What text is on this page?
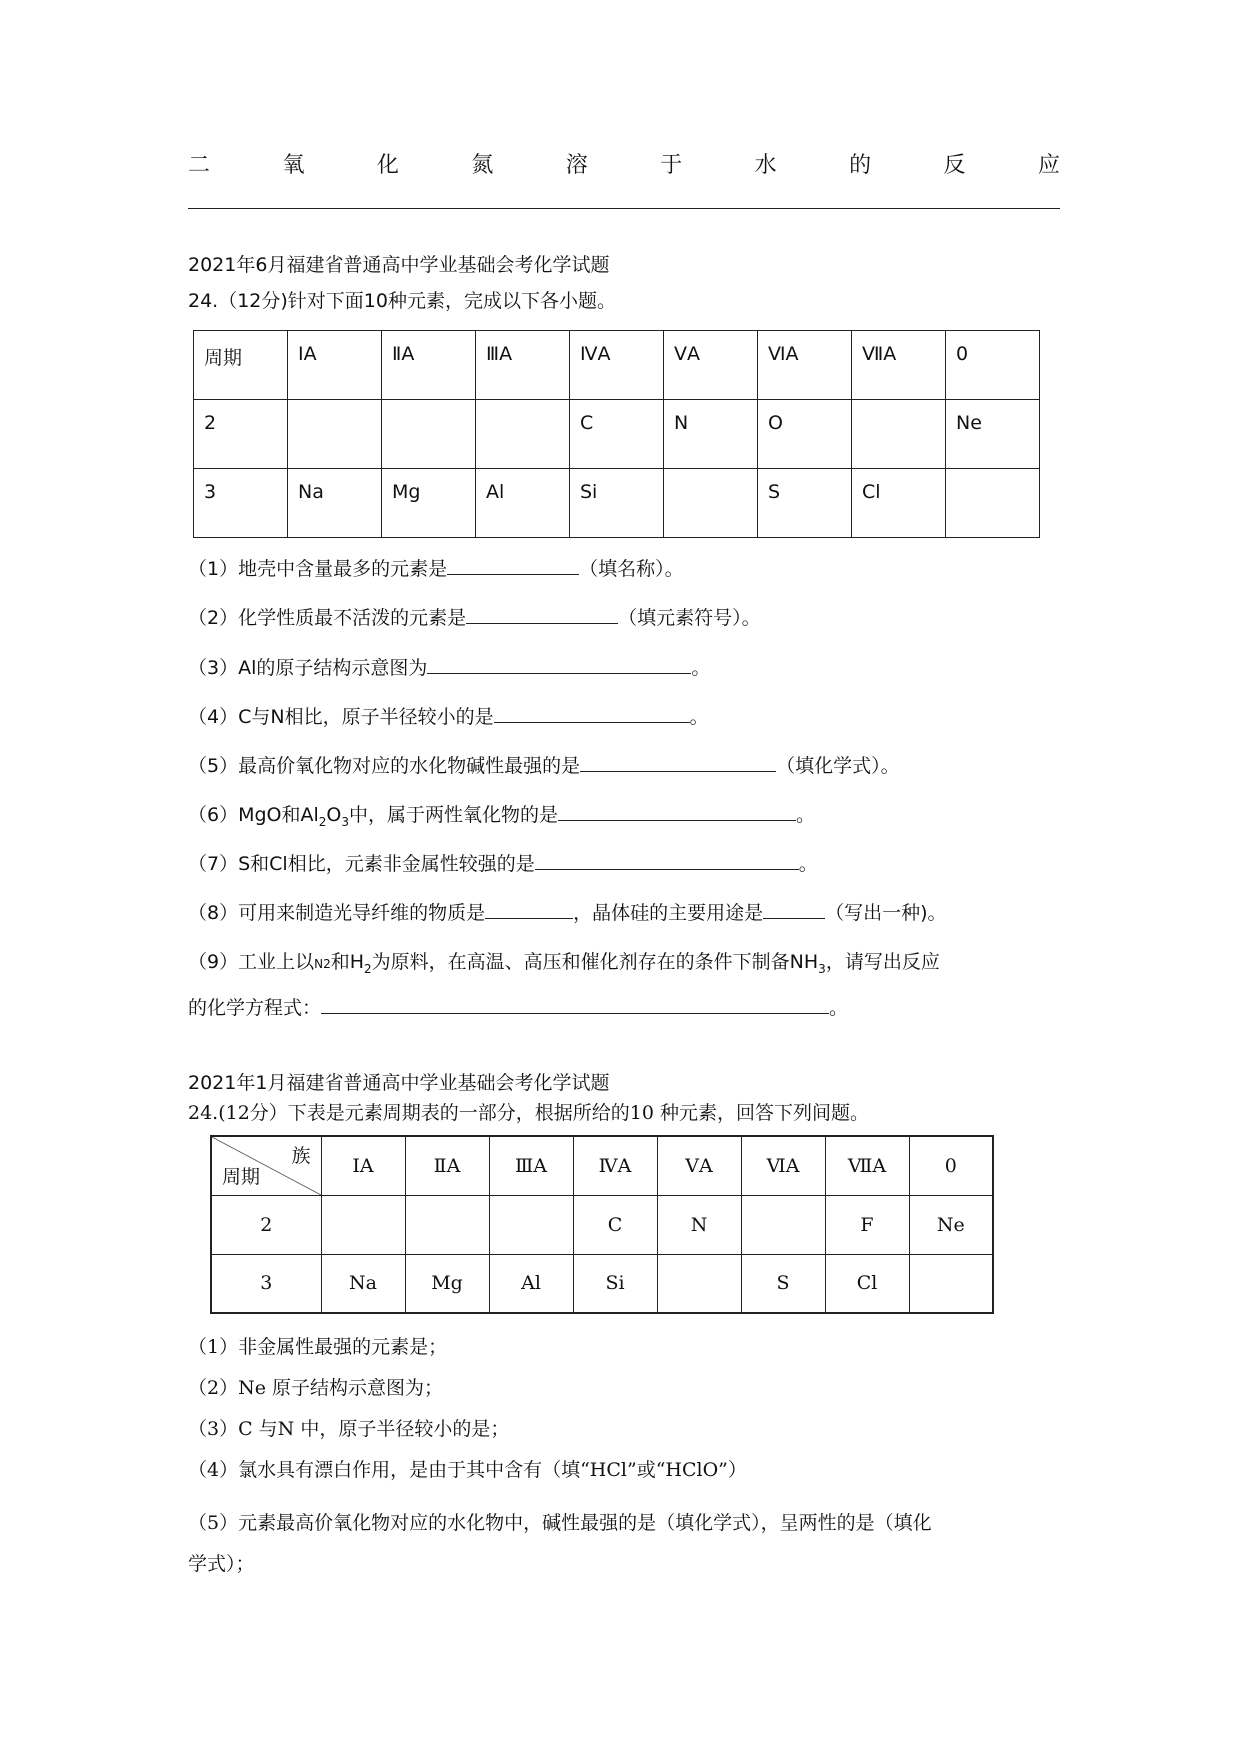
二	氧	化	氮	溶	于	水	的	反	应
2021年6月福建省普通高中学业基础会考化学试题
24.（12分)针对下面10种元素，完成以下各小题。
周期	ⅠA	ⅡA	ⅢA	ⅣA	ⅤA	ⅥA	ⅦA	0
2				C	N	O		Ne
3	Na	Mg	Al	Si		S	Cl	
（1）地壳中含量最多的元素是	（填名称）。
（2）化学性质最不活泼的元素是	（填元素符号）。
（3）Al的原子结构示意图为	。
（4）C与N相比，原子半径较小的是	。
（5）最高价氧化物对应的水化物碱性最强的是	（填化学式）。
（6）MgO和$Al_2O_3$中，属于两性氧化物的是	。
（7）S和Cl相比，元素非金属性较强的是	。
（8）可用来制造光导纤维的物质是	，晶体硅的主要用途是	（写出一种)。
（9）工业上以N2和$H_2$为原料，在高温、高压和催化剂存在的条件下制备$NH_3$，请写出反应
的化学方程式：	。
2021年1月福建省普通高中学业基础会考化学试题
24.(12分）下表是元素周期表的一部分，根据所给的10 种元素，回答下列间题。
族
周期	ⅠA	ⅡA	ⅢA	ⅣA	ⅤA	ⅥA	ⅦA	0
2				C	N		F	Ne
3	Na	Mg	Al	Si		S	Cl	
（1）非金属性最强的元素是；
（2）Ne 原子结构示意图为；
（3）C 与N 中，原子半径较小的是；
（4）氯水具有漂白作用，是由于其中含有（填“HCl”或“HClO”）
（5）元素最高价氧化物对应的水化物中，碱性最强的是（填化学式），呈两性的是（填化
学式）；
